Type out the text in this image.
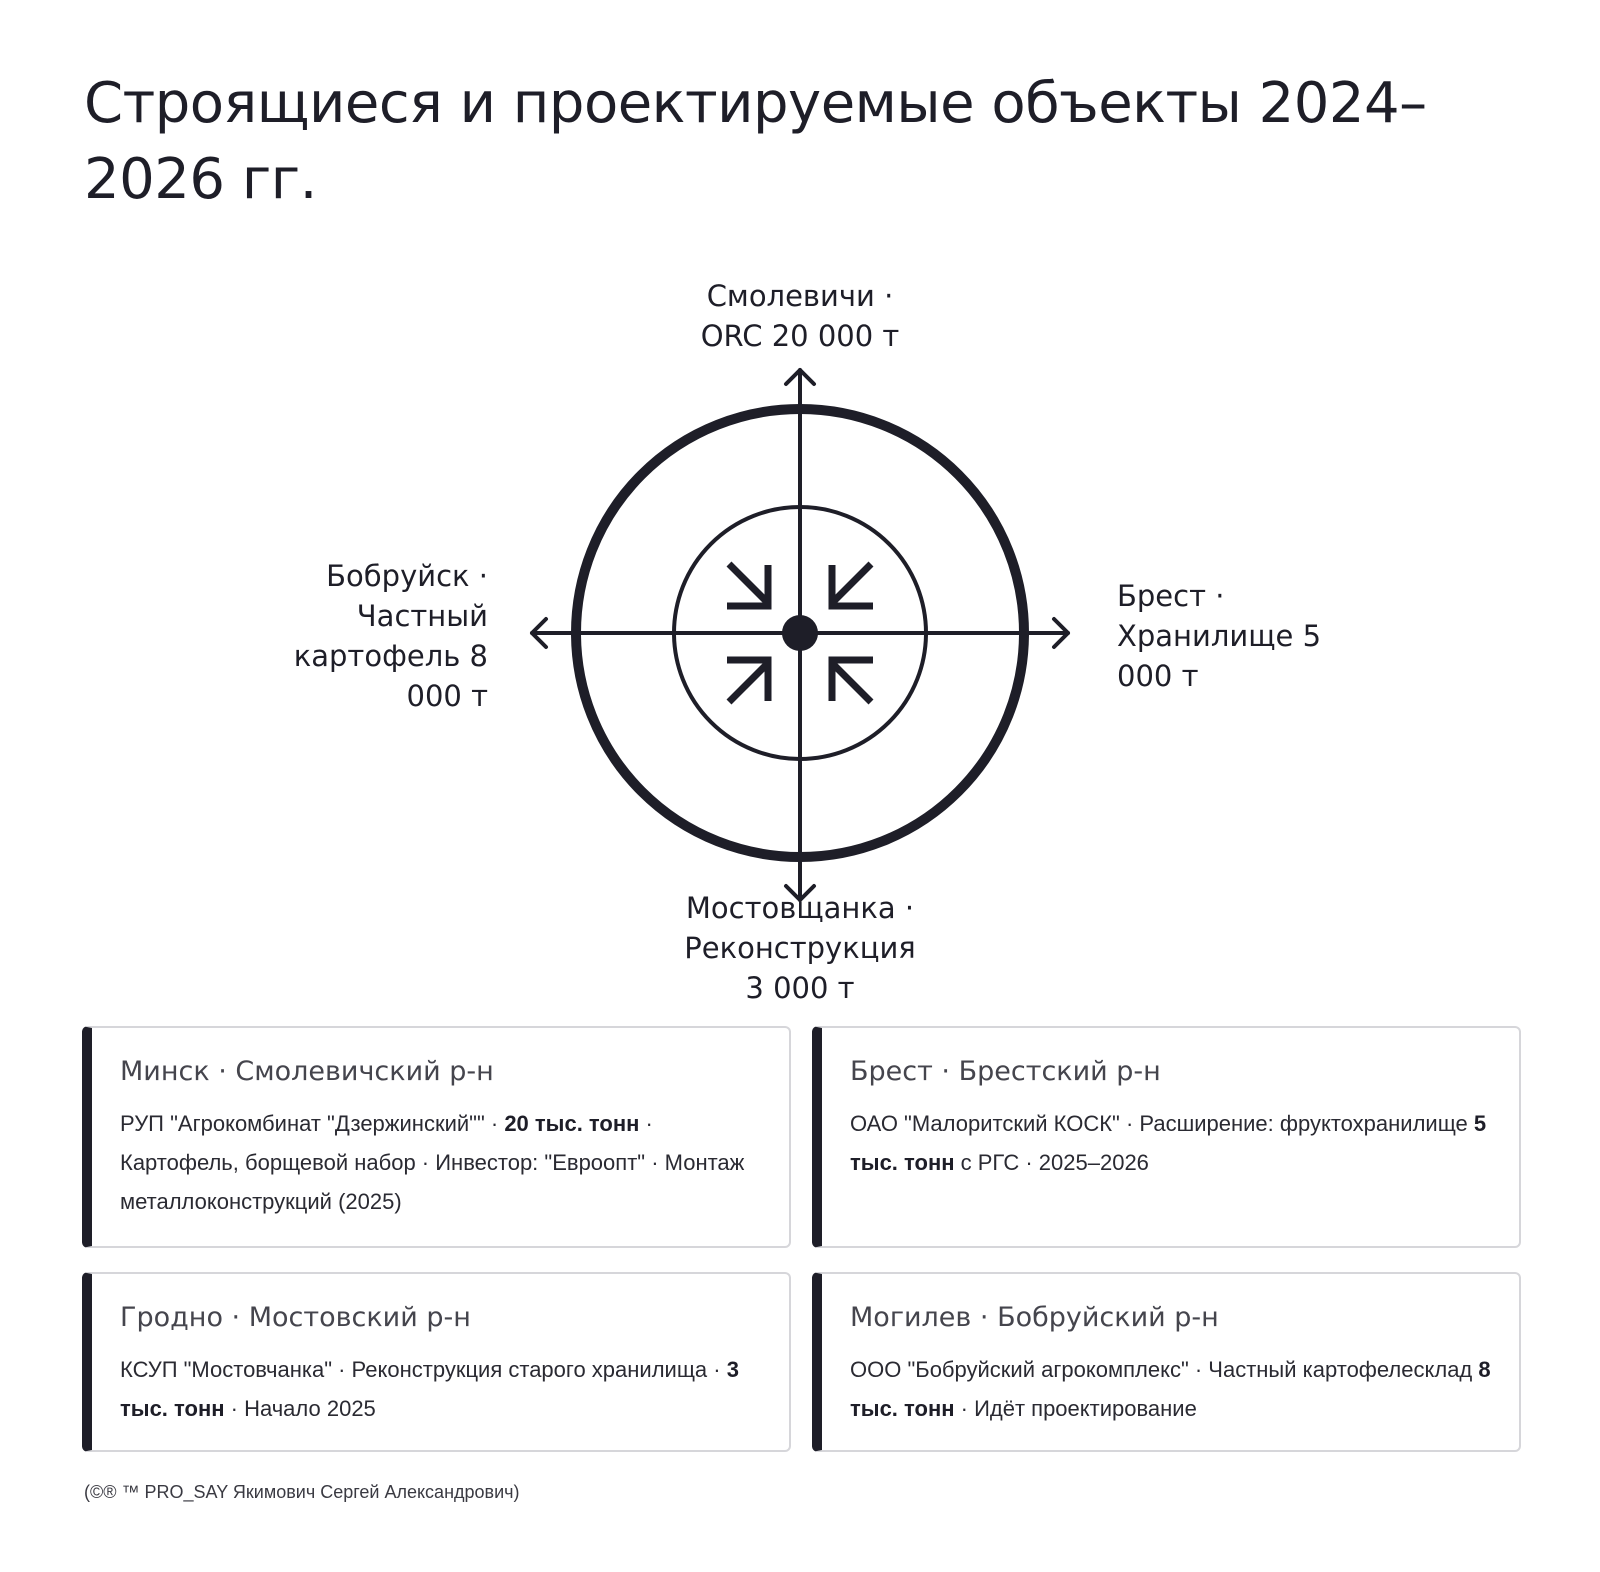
Строящиеся и проектируемые объекты 2024–2026 гг.
Смолевичи ·
ORC 20 000 т
Бобруйск ·
Частный
картофель 8
000 т
Брест ·
Хранилище 5
000 т
Мостовщанка ·
Реконструкция
3 000 т
Минск · Смолевичский р-н
РУП "Агрокомбинат "Дзержинский"" · 20 тыс. тонн · Картофель, борщевой набор · Инвестор: "Евроопт" · Монтаж металлоконструкций (2025)
Брест · Брестский р-н
ОАО "Малоритский КОСК" · Расширение: фруктохранилище 5 тыс. тонн с РГС · 2025–2026
Гродно · Мостовский р-н
КСУП "Мостовчанка" · Реконструкция старого хранилища · 3 тыс. тонн · Начало 2025
Могилев · Бобруйский р-н
ООО "Бобруйский агрокомплекс" · Частный картофелесклад 8 тыс. тонн · Идёт проектирование
(©® ™ PRO_SAY Якимович Сергей Александрович)
